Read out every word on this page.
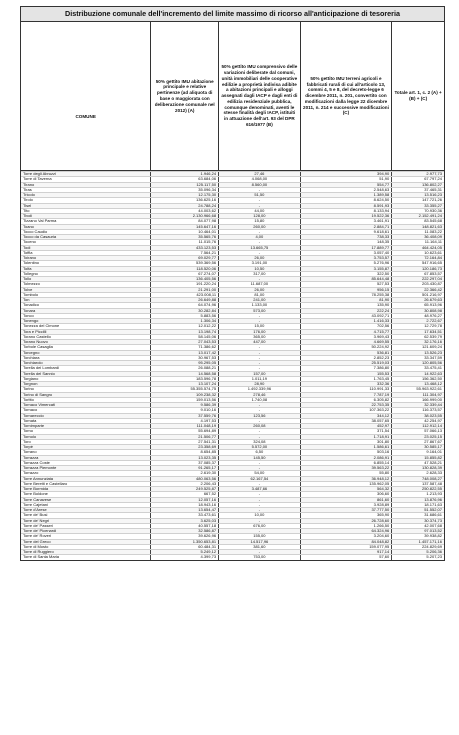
Distribuzione comunale dell'incremento del limite massimo di ricorso all'anticipazione di tesoreria
COMUNE
50% gettito IMU abitazione principale e relative pertinenze (ad aliquota di base o maggiorata con deliberazione comunale nel 2012) (A)
50% gettito IMU comprensivo delle variazioni deliberate dal comuni, unità immobiliari delle cooperative edilizie a proprietà indivisa adibite a abitazioni principali e alloggi assegnati dagli IACP e dagli enti di edilizia residenziale pubblica, comunque denominati, aventi le stesse finalità degli IACP, istituiti in attuazione dell'art. 93 del DPR 616/1977 (B)
50% gettito IMU terreni agricoli e fabbricati rurali di cui all'articolo 13, commi 4, 5 e 8, del decreto-legge 6 dicembre 2011, n. 201, convertito con modificazioni dalla legge 22 dicembre 2011, n. 214 e successive modificazioni (C)
Totale art. 1, c. 2 (A) + (B) + (C)
Torre degli Abruzzi	1.946,24	27,46	394,90	2.977,73
Torre di Taverna	63.684,06	4.068,00	51,90	67.797,24
Tirano	125.117,50	8.560,00	554,77	136.802,27
Tiras	35.096,34	-	2.548,63	37.465,31
Tricolo	12.175,30	51,50	1.389,58	13.516,23
Tirolo	136.625,16	-	8.624,50	147.721,26
Tisel	24.788,24	-	8.591,93	33.355,27
Tito	44.003,62	44,00	8.133,94	70.930,36
Tivoli	2.130.966,68	128,00	19.522,36	2.152.491,24
Tizzano Val Parma	84.077,98	15,80	3.461,91	83.545,68
Toano	145.647,16	260,00	2.884,71	148.821,63
Tocco Caudio	10.464,01	-	9.618,61	11.083,22
Tocco da Casauria	35.565,76	4,00	738,33	36.408,09
Toceno	11.015,76	-	148,35	11.164,11
Todi	433.123,53	13.665,75	17.889,77	464.424,05
Toffia	7.564,21	-	3.057,40	10.623,61
Toirano	69.029,77	26,00	3.753,57	72.164,84
Tolentino	539.369,56	3.191,00	5.276,96	547.916,65
Tolfa	118.520,06	10,50	3.155,87	120.186,73
Tollegno	67.274,07	317,00	322,50	67.853,57
Tollo	136.405,56	-	85.644,48	222.297,04
Tolmezzo	191.220,24	11.687,00	527,53	203.430,87
Tolve	21.291,00	26,00	956,15	22.366,42
Tombolo	423.008,11	81,00	78.255,38	501.216,97
Ton	26.649,88	241,00	81,90	26.679,63
Tonadico	64.074,96	1.133,00	135,90	65.913,96
Tonara	30.282,84	573,00	222,24	30.808,98
Tonco	5.883,56	-	43.092,71	48.976,27
Tonengo	1.306,34	-	1.416,33	2.722,67
Tonezza del Cimone	12.012,22	15,00	702,56	12.729,78
Tora e Piccilli	13.198,74	176,00	4.715,77	17.634,51
Torano Castello	58.145,06	365,00	3.969,43	62.539,79
Torano Nuovo	27.043,53	447,00	4.669,55	32.176,16
Torbole Casaglia	71.386,62	-	50.224,92	121.609,24
Torcegno	13.017,42	-	536,81	13.526,23
Torchiara	30.967,53	-	2.852,23	33.347,59
Torchiarolo	95.295,05	-	25.519,03	120.805,56
Torella dei Lombardi	26.088,21	-	7.386,80	33.475,41
Torella del Sannio	14.568,58	157,00	155,53	14.922,63
Torgiano	183.596,78	1.011,19	1.763,45	156.362,50
Torgnon	13.107,24	28,90	332,36	13.468,12
Torino	55.355.574,75	1.492.339,96	110.991,33	55.963.922,61
Torino di Sangro	109.238,32	278,46	7.787,19	111.304,97
Toritto	159.013,56	1.740,08	6.305,82	166.999,00
Tornaco Vimercati	9.586,39	-	22.753,35	32.339,44
Tornaco	9.010,16	-	107.363,22	116.373,57
Tornareccio	37.559,76	123,56	344,12	38.023,55
Tornata	4.197,53	-	38.057,65	42.254,97
Tornimparte	111.048,19	260,08	452,97	112.912,14
Torno	55.694,89	-	371,54	57.066,13
Tornolo	21.506,77	-	1.718,91	23.025,15
Toro	27.541,31	324,08	301,80	27.867,67
Torpè	23.358,69	5.572,00	1.586,61	30.585,17
Torrano	8.654,85	6,50	503,16	9.164,01
Torrazza	13.023,35	145,50	2.086,91	15.855,82
Torrazza Coste	37.085,37	-	6.855,14	47.528,21
Torrazza Piemonte	91.265,17	-	39.563,22	130.828,39
Torrazzo	2.619,30	54,00	55,80	2.628,33
Torre Annunziata	480.063,56	62.167,54	36.948,12	748.008,27
Torre Beretti e Castellaro	2.206,43	-	135.962,05	137.587,48
Torre Bormida	249.525,87	3.487,66	564,32	250.822,55
Torre Boldone	667,52	-	306,60	1.213,93
Torre Canavese	12.057,16	-	861,60	13.876,96
Torre Cajetani	18.943,16	-	3.928,89	18.171,63
Torre d'Arese	13.654,47	-	37.777,50	51.552,07
Torre de' Busi	33.473,61	10,00	365,90	31.686,61
Torre de' Negri	3.625,03	-	26.728,60	30.374,73
Torre de' Passeri	40.557,18	676,00	1.266,50	42.007,68
Torre de' Picenardi	32.586,87	-	64.324,96	97.013,52
Torre de' Roveri	39.626,96	155,00	3.204,60	39.938,82
Torre del Greco	1.350.653,81	14.517,96	84.048,82	1.457.171,16
Torre di Mosto	60.484,31	381,60	159.077,95	224.829,69
Torre di Ruggiero	5.249,12	-	917,14	5.206,36
Torre di Santa Maria	4.399,73	753,00	57,60	5.207,23
